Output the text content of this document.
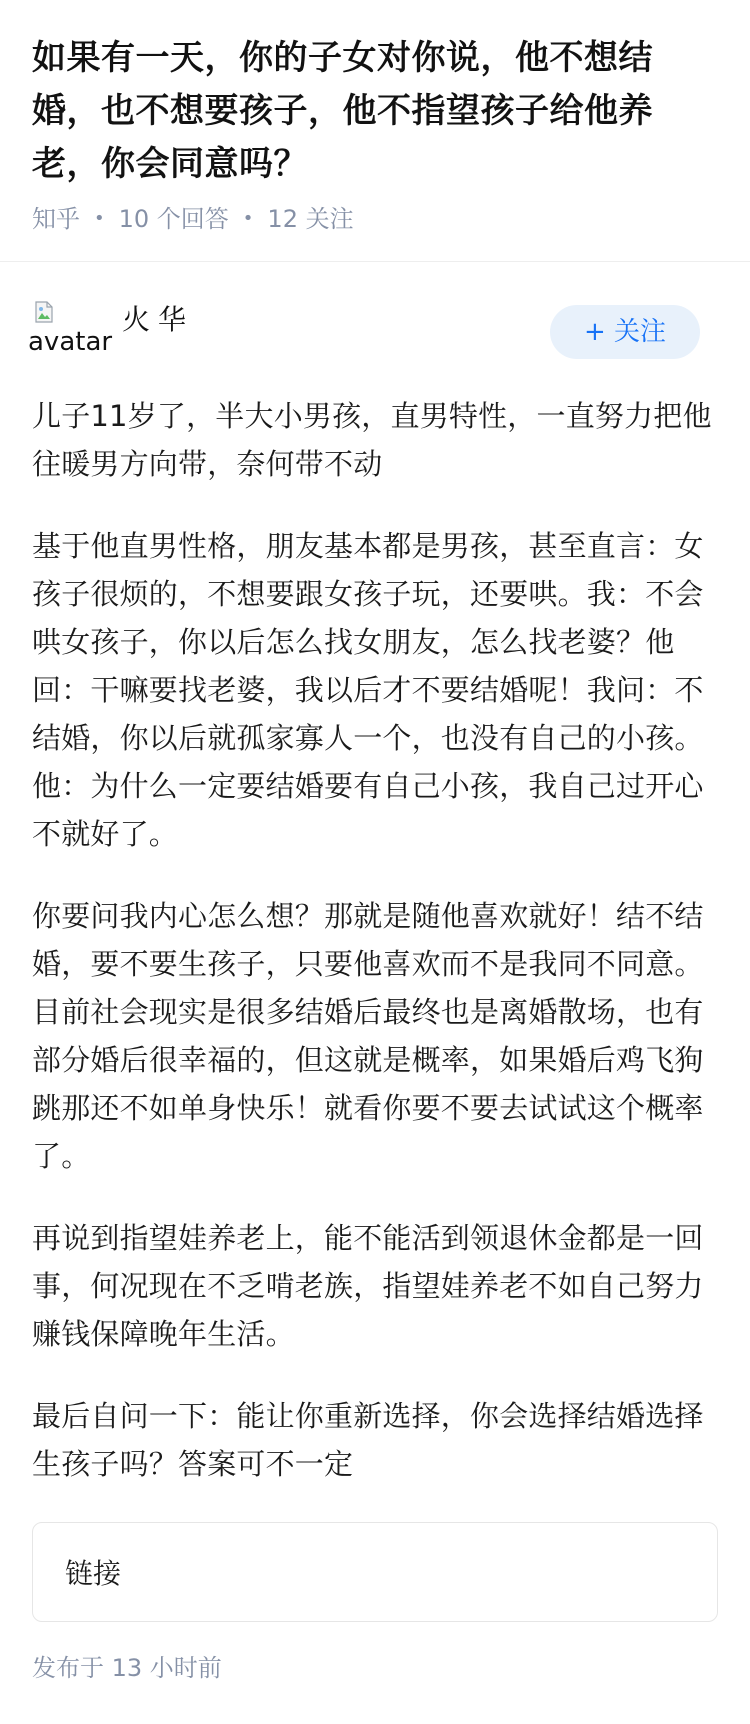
如果有一天，你的子女对你说，他不想结婚，也不想要孩子，他不指望孩子给他养老，你会同意吗？
知乎 • 10 个回答 • 12 关注
avatar
火华	+ 关注

儿子11岁了，半大小男孩，直男特性，一直努力把他往暖男方向带，奈何带不动

基于他直男性格，朋友基本都是男孩，甚至直言：女孩子很烦的，不想要跟女孩子玩，还要哄。我：不会哄女孩子，你以后怎么找女朋友，怎么找老婆？他回：干嘛要找老婆，我以后才不要结婚呢！我问：不结婚，你以后就孤家寡人一个，也没有自己的小孩。他：为什么一定要结婚要有自己小孩，我自己过开心不就好了。

你要问我内心怎么想？那就是随他喜欢就好！结不结婚，要不要生孩子，只要他喜欢而不是我同不同意。目前社会现实是很多结婚后最终也是离婚散场，也有部分婚后很幸福的，但这就是概率，如果婚后鸡飞狗跳那还不如单身快乐！就看你要不要去试试这个概率了。

再说到指望娃养老上，能不能活到领退休金都是一回事，何况现在不乏啃老族，指望娃养老不如自己努力赚钱保障晚年生活。

最后自问一下：能让你重新选择，你会选择结婚选择生孩子吗？答案可不一定

链接
发布于 13 小时前
